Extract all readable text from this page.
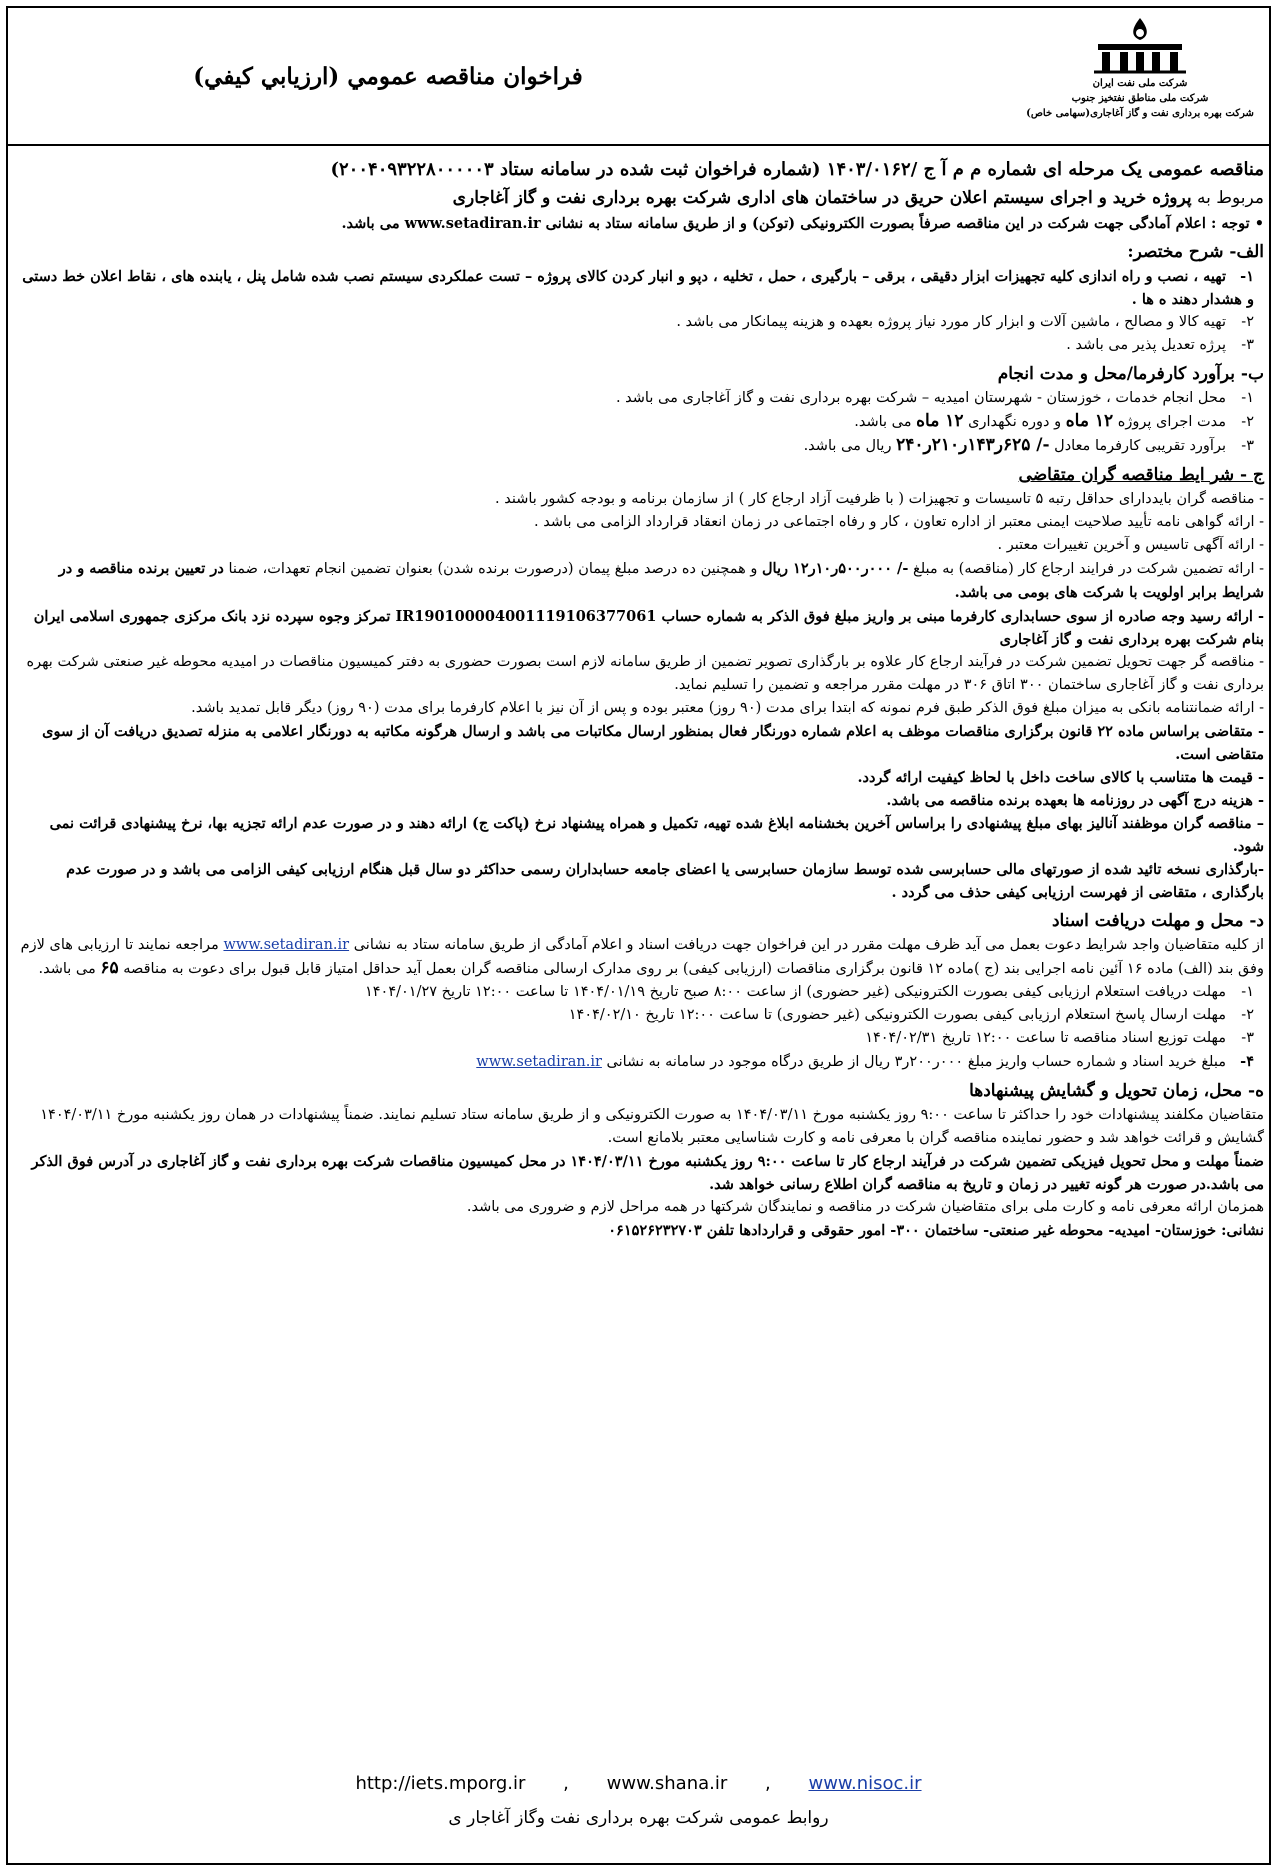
شرکت ملی نفت ایران
شرکت ملی مناطق نفتخیز جنوب
شرکت بهره برداری نفت و گاز آغاجاری(سهامی خاص)
فراخوان مناقصه عمومي (ارزيابي كيفي)

مناقصه عمومی یک مرحله ای شماره م م آ ج /۱۴۰۳/۰۱۶۲ (شماره فراخوان ثبت شده در سامانه ستاد ۲۰۰۴۰۹۳۲۲۸۰۰۰۰۰۳)

مربوط به پروژه خرید و اجرای سیستم اعلان حریق در ساختمان های اداری شرکت بهره برداری نفت و گاز آغاجاری

• توجه : اعلام آمادگی جهت شرکت در این مناقصه صرفاً بصورت الکترونیکی (توکن) و از طریق سامانه ستاد به نشانی www.setadiran.ir می باشد.

الف- شرح مختصر:

۱-تهیه ، نصب و راه اندازی کلیه تجهیزات ابزار دقیقی ، برقی – بارگیری ، حمل ، تخلیه ، دپو و انبار کردن کالای پروژه – تست عملکردی سیستم نصب شده شامل پنل ، یابنده های ، نقاط اعلان خط دستی و هشدار دهند ه ها .

۲-تهیه کالا و مصالح ، ماشین آلات و ابزار کار مورد نیاز پروژه بعهده و هزینه پیمانکار می باشد .

۳-پرژه تعدیل پذیر می باشد .

ب- برآورد کارفرما/محل و مدت انجام

۱-محل انجام خدمات ، خوزستان - شهرستان امیدیه – شرکت بهره برداری نفت و گاز آغاجاری می باشد .

۲-مدت اجرای پروژه ۱۲ ماه و دوره نگهداری ۱۲ ماه می باشد.

۳-برآورد تقریبی کارفرما معادل -/ ۶۲۵ر۱۴۳ر۲۱۰ر۲۴۰ ریال می باشد.

ج - شر ایط مناقصه گران متقاضی

- مناقصه گران بایددارای حداقل رتبه ۵ تاسیسات و تجهیزات ( با ظرفیت آزاد ارجاع کار ) از سازمان برنامه و بودجه کشور باشند .

- ارائه گواهی نامه تأیید صلاحیت ایمنی معتبر از اداره تعاون ، کار و رفاه اجتماعی در زمان انعقاد قرارداد الزامی می باشد .

- ارائه آگهی تاسیس و آخرین تغییرات معتبر .

- ارائه تضمین شرکت در فرایند ارجاع کار (مناقصه) به مبلغ -/ ۰۰۰ر۵۰۰ر۱۰ر۱۲ ریال و همچنین ده درصد مبلغ پیمان (درصورت برنده شدن) بعنوان تضمین انجام تعهدات، ضمنا در تعیین برنده مناقصه و در شرایط برابر اولویت با شرکت های بومی می باشد.

- ارائه رسید وجه صادره از سوی حسابداری کارفرما مبنی بر واریز مبلغ فوق الذکر به شماره حساب IR190100004001119106377061 تمرکز وجوه سپرده نزد بانک مرکزی جمهوری اسلامی ایران بنام شرکت بهره برداری نفت و گاز آغاجاری

- مناقصه گر جهت تحویل تضمین شرکت در فرآیند ارجاع کار علاوه بر بارگذاری تصویر تضمین از طریق سامانه لازم است بصورت حضوری به دفتر کمیسیون مناقصات در امیدیه محوطه غیر صنعتی شرکت بهره برداری نفت و گاز آغاجاری ساختمان ۳۰۰ اتاق ۳۰۶ در مهلت مقرر مراجعه و تضمین را تسلیم نماید.

- ارائه ضمانتنامه بانکی به میزان مبلغ فوق الذکر طبق فرم نمونه که ابتدا برای مدت (۹۰ روز) معتبر بوده و پس از آن نیز با اعلام کارفرما برای مدت (۹۰ روز) دیگر قابل تمدید باشد.

- متقاضی براساس ماده ۲۲ قانون برگزاری مناقصات موظف به اعلام شماره دورنگار فعال بمنظور ارسال مکاتبات می باشد و ارسال هرگونه مکاتبه به دورنگار اعلامی به منزله تصدیق دریافت آن از سوی متقاضی است.

- قیمت ها متناسب با کالای ساخت داخل با لحاظ کیفیت ارائه گردد.

- هزینه درج آگهی در روزنامه ها بعهده برنده مناقصه می باشد.

– مناقصه گران موظفند آنالیز بهای مبلغ پیشنهادی را براساس آخرین بخشنامه ابلاغ شده تهیه، تکمیل و همراه پیشنهاد نرخ (پاکت ج) ارائه دهند و در صورت عدم ارائه تجزیه بها، نرخ پیشنهادی قرائت نمی شود.

-بارگذاری نسخه تائید شده از صورتهای مالی حسابرسی شده توسط سازمان حسابرسی یا اعضای جامعه حسابداران رسمی حداکثر دو سال قبل هنگام ارزیابی کیفی الزامی می باشد و در صورت عدم بارگذاری ، متقاضی از فهرست ارزیابی کیفی حذف می گردد .

د- محل و مهلت دریافت اسناد

از کلیه متقاضیان واجد شرایط دعوت بعمل می آید ظرف مهلت مقرر در این فراخوان جهت دریافت اسناد و اعلام آمادگی از طریق سامانه ستاد به نشانی www.setadiran.ir مراجعه نمایند تا ارزیابی های لازم وفق بند (الف) ماده ۱۶ آئین نامه اجرایی بند (ج )ماده ۱۲ قانون برگزاری مناقصات (ارزیابی کیفی) بر روی مدارک ارسالی مناقصه گران بعمل آید حداقل امتیاز قابل قبول برای دعوت به مناقصه ۶۵ می باشد.

۱-مهلت دریافت استعلام ارزیابی کیفی بصورت الکترونیکی (غیر حضوری) از ساعت ۸:۰۰ صبح تاریخ ۱۴۰۴/۰۱/۱۹ تا ساعت ۱۲:۰۰ تاریخ ۱۴۰۴/۰۱/۲۷

۲-مهلت ارسال پاسخ استعلام ارزیابی کیفی بصورت الکترونیکی (غیر حضوری) تا ساعت ۱۲:۰۰ تاریخ ۱۴۰۴/۰۲/۱۰

۳-مهلت توزیع اسناد مناقصه تا ساعت ۱۲:۰۰ تاریخ ۱۴۰۴/۰۲/۳۱

۴-مبلغ خرید اسناد و شماره حساب واریز مبلغ ۰۰۰ر۲۰۰ر۳ ریال از طریق درگاه موجود در سامانه به نشانی www.setadiran.ir

ه- محل، زمان تحویل و گشایش پیشنهادها

متقاضیان مکلفند پیشنهادات خود را حداکثر تا ساعت ۹:۰۰ روز یکشنبه مورخ ۱۴۰۴/۰۳/۱۱ به صورت الکترونیکی و از طریق سامانه ستاد تسلیم نمایند. ضمناً پیشنهادات در همان روز یکشنبه مورخ ۱۴۰۴/۰۳/۱۱ گشایش و قرائت خواهد شد و حضور نماینده مناقصه گران با معرفی نامه و کارت شناسایی معتبر بلامانع است.

ضمناً مهلت و محل تحویل فیزیکی تضمین شرکت در فرآیند ارجاع کار تا ساعت ۹:۰۰ روز یکشنبه مورخ ۱۴۰۴/۰۳/۱۱ در محل کمیسیون مناقصات شرکت بهره برداری نفت و گاز آغاجاری در آدرس فوق الذکر می باشد.در صورت هر گونه تغییر در زمان و تاریخ به مناقصه گران اطلاع رسانی خواهد شد.

همزمان ارائه معرفی نامه و کارت ملی برای متقاضیان شرکت در مناقصه و نمایندگان شرکتها در همه مراحل لازم و ضروری می باشد.

نشانی: خوزستان- امیدیه- محوطه غیر صنعتی- ساختمان ۳۰۰- امور حقوقی و قراردادها تلفن ۰۶۱۵۲۶۲۳۲۷۰۳

http://iets.mporg.ir , www.shana.ir , www.nisoc.ir
روابط عمومی شرکت بهره برداری نفت وگاز آغاجار ی
